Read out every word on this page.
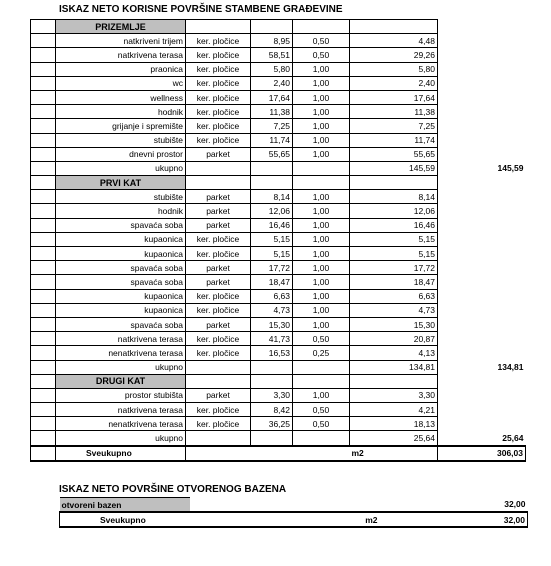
ISKAZ NETO KORISNE POVRŠINE STAMBENE GRAĐEVINE
	PRIZEMLJE					
	natkriveni trijem	ker. pločice	8,95	0,50	4,48	
	natkrivena terasa	ker. pločice	58,51	0,50	29,26	
	praonica	ker. pločice	5,80	1,00	5,80	
	wc	ker. pločice	2,40	1,00	2,40	
	wellness	ker. pločice	17,64	1,00	17,64	
	hodnik	ker. pločice	11,38	1,00	11,38	
	grijanje i spremište	ker. pločice	7,25	1,00	7,25	
	stubište	ker. pločice	11,74	1,00	11,74	
	dnevni prostor	parket	55,65	1,00	55,65	
	ukupno				145,59	145,59
	PRVI KAT					
	stubište	parket	8,14	1,00	8,14	
	hodnik	parket	12,06	1,00	12,06	
	spavaća soba	parket	16,46	1,00	16,46	
	kupaonica	ker. pločice	5,15	1,00	5,15	
	kupaonica	ker. pločice	5,15	1,00	5,15	
	spavaća soba	parket	17,72	1,00	17,72	
	spavaća soba	parket	18,47	1,00	18,47	
	kupaonica	ker. pločice	6,63	1,00	6,63	
	kupaonica	ker. pločice	4,73	1,00	4,73	
	spavaća soba	parket	15,30	1,00	15,30	
	natkrivena terasa	ker. pločice	41,73	0,50	20,87	
	nenatkrivena terasa	ker. pločice	16,53	0,25	4,13	
	ukupno				134,81	134,81
	DRUGI KAT					
	prostor stubišta	parket	3,30	1,00	3,30	
	natkrivena terasa	ker. pločice	8,42	0,50	4,21	
	nenatkrivena terasa	ker. pločice	36,25	0,50	18,13	
	ukupno				25,64	25,64
	Sveukupno				m2	306,03
ISKAZ NETO POVRŠINE OTVORENOG BAZENA
otvoreni bazen		32,00
Sveukupno	m2	32,00
